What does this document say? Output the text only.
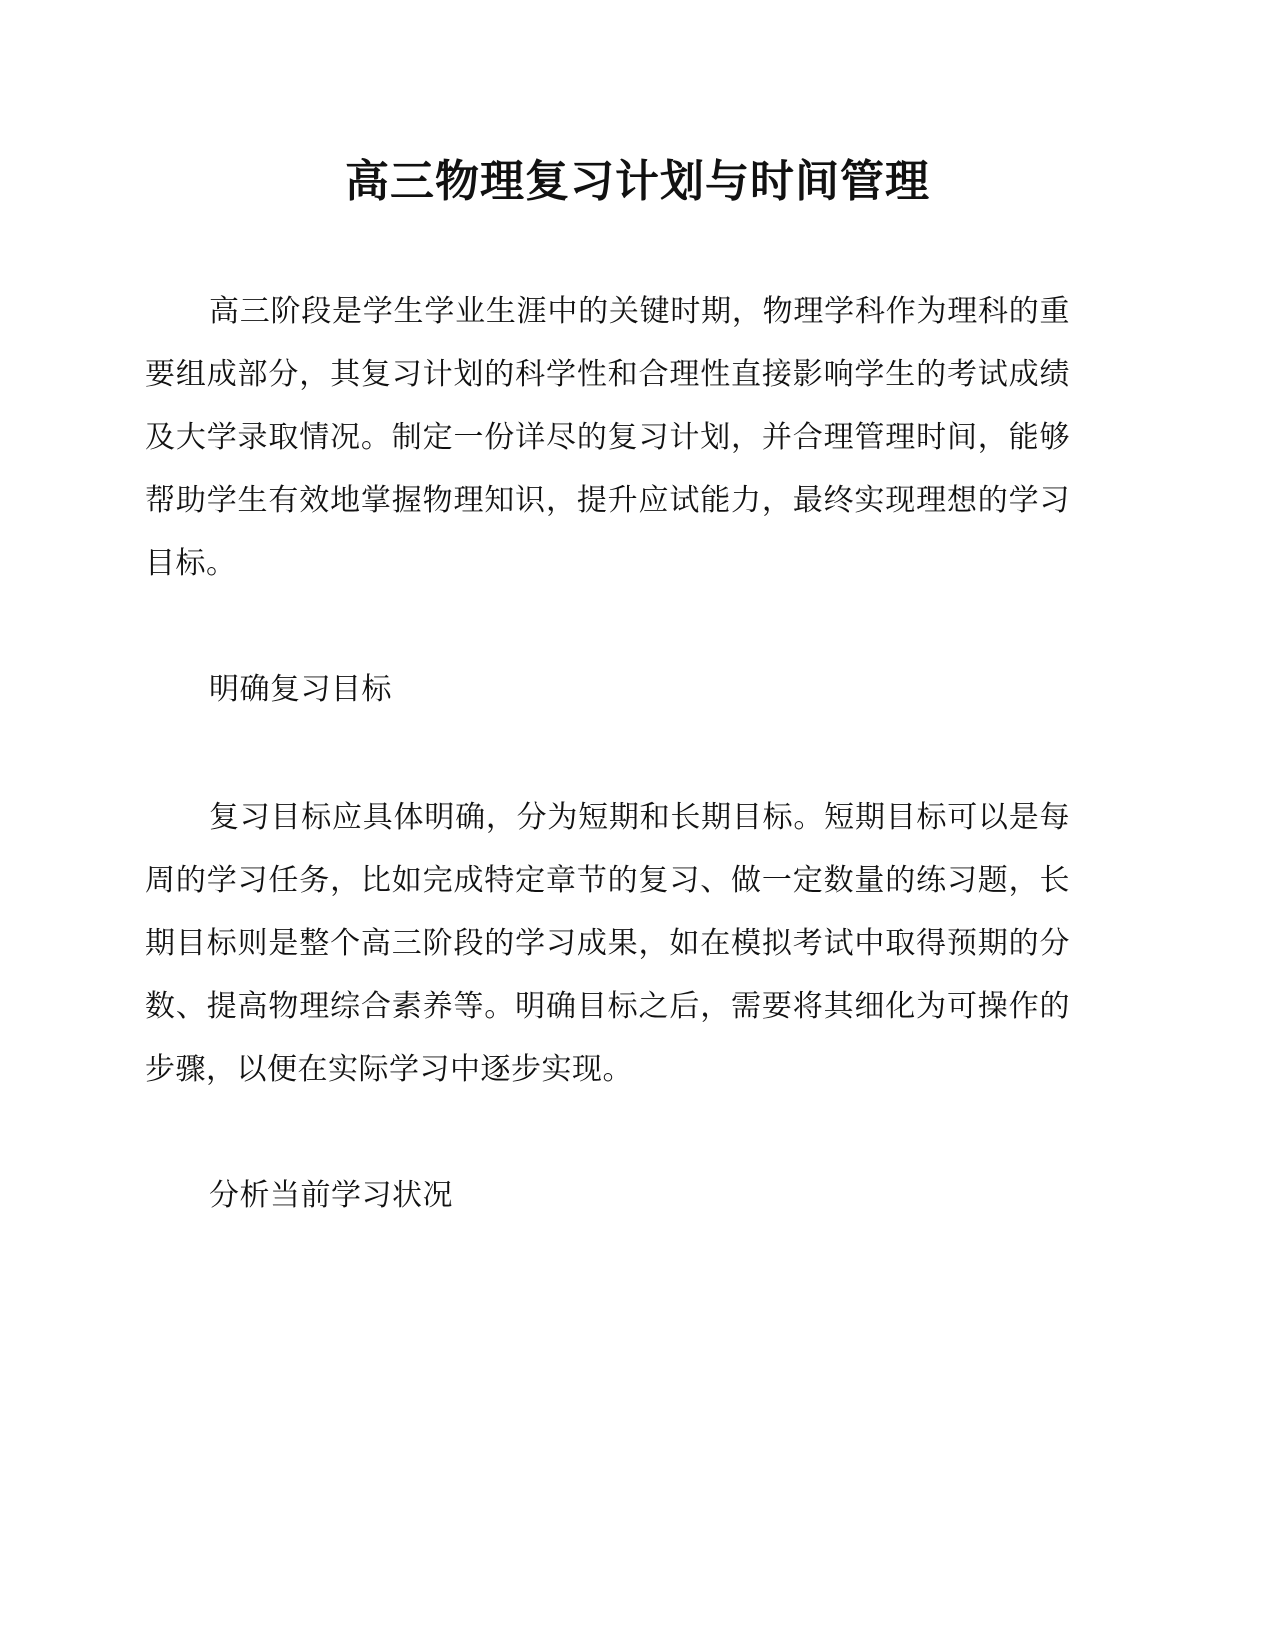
高三物理复习计划与时间管理

高三阶段是学生学业生涯中的关键时期，物理学科作为理科的重要组成部分，其复习计划的科学性和合理性直接影响学生的考试成绩及大学录取情况。制定一份详尽的复习计划，并合理管理时间，能够帮助学生有效地掌握物理知识，提升应试能力，最终实现理想的学习目标。

明确复习目标

复习目标应具体明确，分为短期和长期目标。短期目标可以是每周的学习任务，比如完成特定章节的复习、做一定数量的练习题，长期目标则是整个高三阶段的学习成果，如在模拟考试中取得预期的分数、提高物理综合素养等。明确目标之后，需要将其细化为可操作的步骤，以便在实际学习中逐步实现。

分析当前学习状况
